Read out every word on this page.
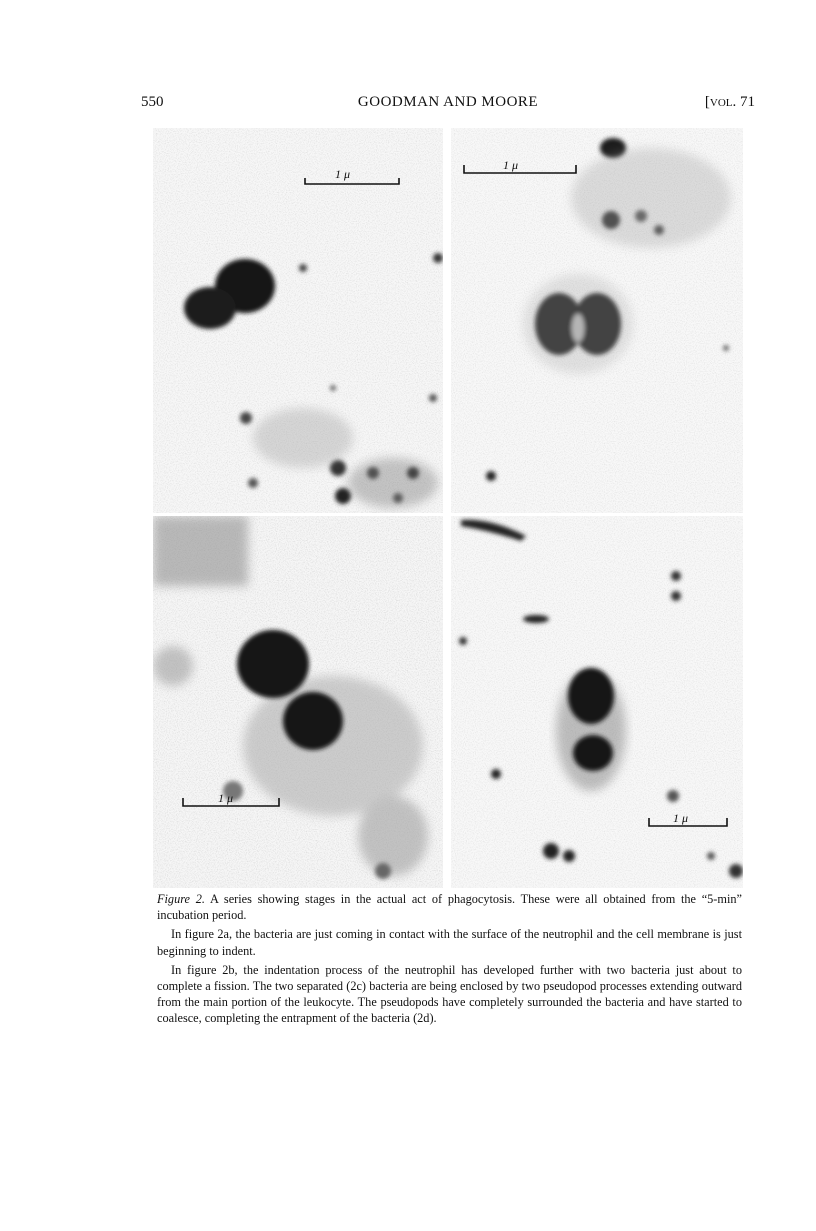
550	GOODMAN AND MOORE	[vol. 71
1 μ
1 μ
1 μ
1 μ

Figure 2. A series showing stages in the actual act of phagocytosis. These were all obtained from the “5-min” incubation period.

In figure 2a, the bacteria are just coming in contact with the surface of the neutrophil and the cell membrane is just beginning to indent.

In figure 2b, the indentation process of the neutrophil has developed further with two bacteria just about to complete a fission. The two separated (2c) bacteria are being enclosed by two pseudopod processes extending outward from the main portion of the leukocyte. The pseudopods have completely surrounded the bacteria and have started to coalesce, completing the entrapment of the bacteria (2d).
